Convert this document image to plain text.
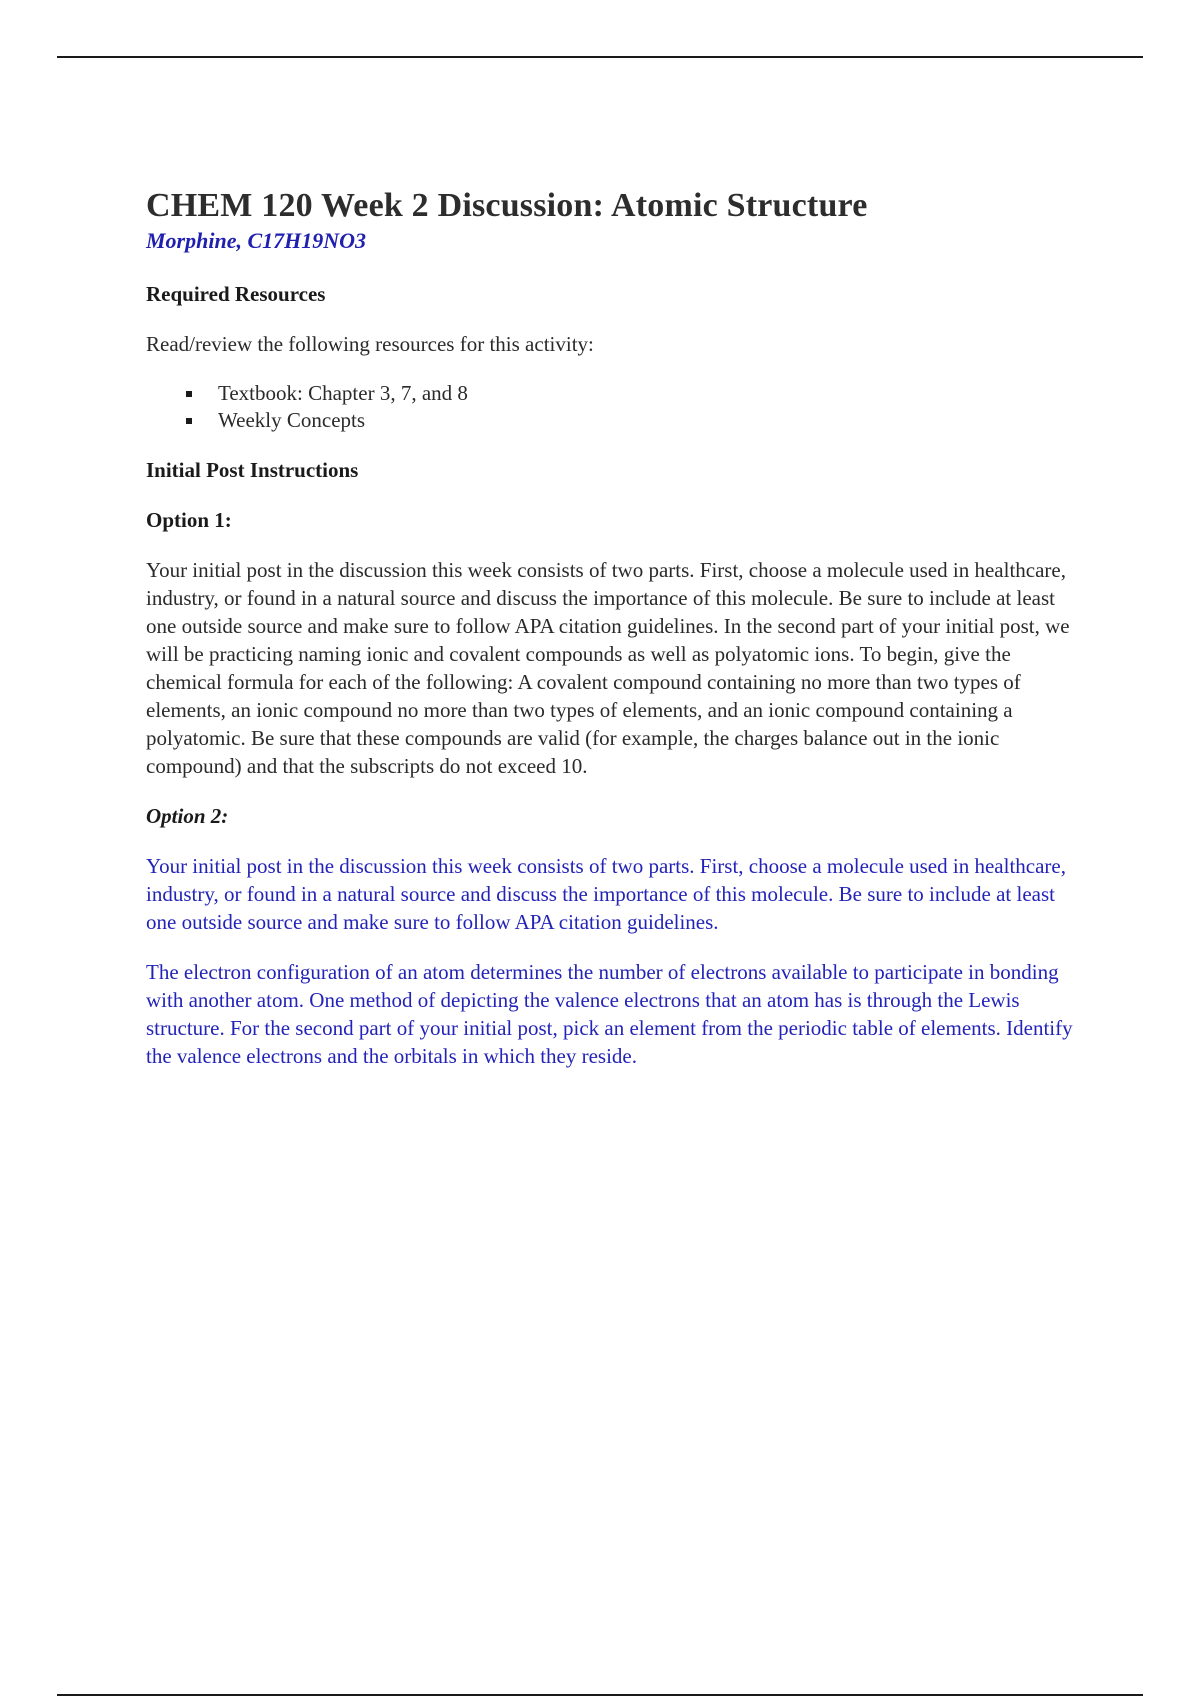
CHEM 120 Week 2 Discussion: Atomic Structure

Morphine, C17H19NO3

Required Resources

Read/review the following resources for this activity:

Textbook: Chapter 3, 7, and 8
Weekly Concepts

Initial Post Instructions

Option 1:

Your initial post in the discussion this week consists of two parts. First, choose a molecule used in healthcare, industry, or found in a natural source and discuss the importance of this molecule. Be sure to include at least one outside source and make sure to follow APA citation guidelines. In the second part of your initial post, we will be practicing naming ionic and covalent compounds as well as polyatomic ions. To begin, give the chemical formula for each of the following: A covalent compound containing no more than two types of elements, an ionic compound no more than two types of elements, and an ionic compound containing a polyatomic. Be sure that these compounds are valid (for example, the charges balance out in the ionic compound) and that the subscripts do not exceed 10.

Option 2:

Your initial post in the discussion this week consists of two parts. First, choose a molecule used in healthcare, industry, or found in a natural source and discuss the importance of this molecule. Be sure to include at least one outside source and make sure to follow APA citation guidelines.

The electron configuration of an atom determines the number of electrons available to participate in bonding with another atom. One method of depicting the valence electrons that an atom has is through the Lewis structure. For the second part of your initial post, pick an element from the periodic table of elements. Identify the valence electrons and the orbitals in which they reside.
